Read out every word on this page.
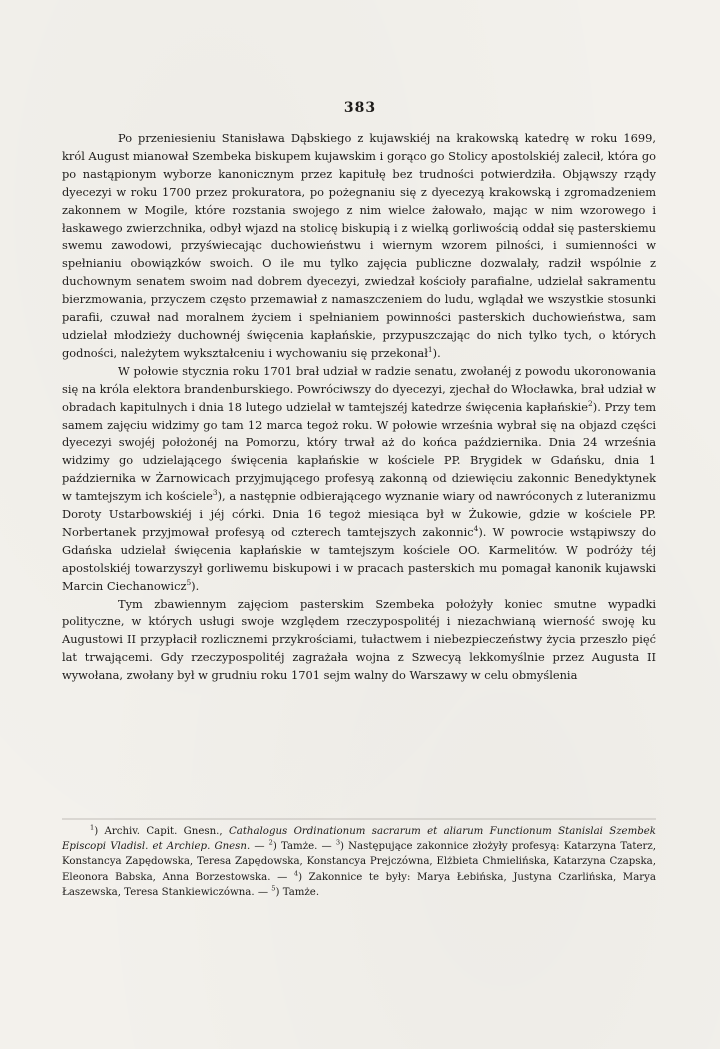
383

Po przeniesieniu Stanisława Dąbskiego z kujawskiéj na krakowską katedrę w roku 1699, król August mianował Szembeka biskupem kujawskim i gorąco go Stolicy apostolskiéj zalecił, która go po nastąpionym wyborze kanonicznym przez kapitułę bez trudności potwierdziła. Objąwszy rządy dyecezyi w roku 1700 przez prokuratora, po pożegnaniu się z dyecezyą krakowską i zgromadzeniem zakonnem w Mogile, które rozstania swojego z nim wielce żałowało, mając w nim wzorowego i łaskawego zwierzchnika, odbył wjazd na stolicę biskupią i z wielką gorliwością oddał się pasterskiemu swemu zawodowi, przyświecając duchowieństwu i wiernym wzorem pilności, i sumienności w spełnianiu obowiązków swoich. O ile mu tylko zajęcia publiczne dozwalały, radził wspólnie z duchownym senatem swoim nad dobrem dyecezyi, zwiedzał kościoły parafialne, udzielał sakramentu bierzmowania, przyczem często przemawiał z namaszczeniem do ludu, wglądał we wszystkie stosunki parafii, czuwał nad moralnem życiem i spełnianiem powinności pasterskich duchowieństwa, sam udzielał młodzieży duchownéj święcenia kapłańskie, przypuszczając do nich tylko tych, o których godności, należytem wykształceniu i wychowaniu się przekonał$^1$).

W połowie stycznia roku 1701 brał udział w radzie senatu, zwołanéj z powodu ukoronowania się na króla elektora brandenburskiego. Powróciwszy do dyecezyi, zjechał do Włocławka, brał udział w obradach kapitulnych i dnia 18 lutego udzielał w tamtejszéj katedrze święcenia kapłańskie$^2$). Przy tem samem zajęciu widzimy go tam 12 marca tegoż roku. W połowie września wybrał się na objazd części dyecezyi swojéj położonéj na Pomorzu, który trwał aż do końca października. Dnia 24 września widzimy go udzielającego święcenia kapłańskie w kościele PP. Brygidek w Gdańsku, dnia 1 października w Żarnowicach przyjmującego profesyą zakonną od dziewięciu zakonnic Benedyktynek w tamtejszym ich kościele$^3$), a następnie odbierającego wyznanie wiary od nawróconych z luteranizmu Doroty Ustarbowskiéj i jéj córki. Dnia 16 tegoż miesiąca był w Żukowie, gdzie w kościele PP. Norbertanek przyjmował profesyą od czterech tamtejszych zakonnic$^4$). W powrocie wstąpiwszy do Gdańska udzielał święcenia kapłańskie w tamtejszym kościele OO. Karmelitów. W podróży téj apostolskiéj towarzyszył gorliwemu biskupowi i w pracach pasterskich mu pomagał kanonik kujawski Marcin Ciechanowicz$^5$).

Tym zbawiennym zajęciom pasterskim Szembeka położyły koniec smutne wypadki polityczne, w których usługi swoje względem rzeczypospolitéj i niezachwianą wierność swoję ku Augustowi II przypłacił rozlicznemi przykrościami, tułactwem i niebezpieczeństwy życia przeszło pięć lat trwającemi. Gdy rzeczypospolitéj zagrażała wojna z Szwecyą lekkomyślnie przez Augusta II wywołana, zwołany był w grudniu roku 1701 sejm walny do Warszawy w celu obmyślenia

$^1$) Archiv. Capit. Gnesn., Cathalogus Ordinationum sacrarum et aliarum Functionum Stanislai Szembek Episcopi Vladisl. et Archiep. Gnesn. — $^2$) Tamże. — $^3$) Następujące zakonnice złożyły profesyą: Katarzyna Taterz, Konstancya Zapędowska, Teresa Zapędowska, Konstancya Prejczówna, Elżbieta Chmielińska, Katarzyna Czapska, Eleonora Babska, Anna Borzestowska. — $^4$) Zakonnice te były: Marya Łebińska, Justyna Czarlińska, Marya Łaszewska, Teresa Stankiewiczówna. — $^5$) Tamże.
